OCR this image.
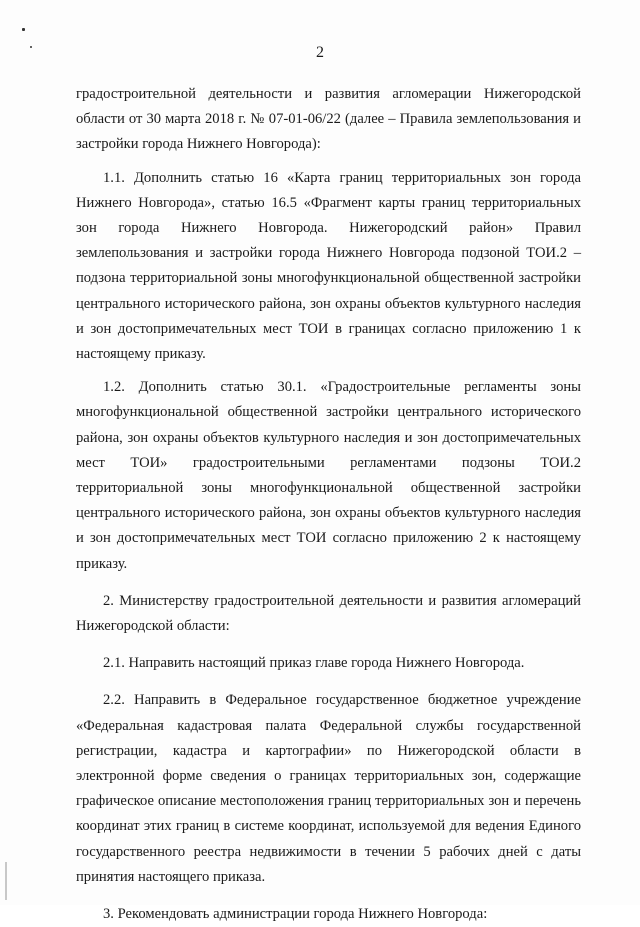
2

градостроительной деятельности и развития агломерации Нижегородской области от 30 марта 2018 г. № 07-01-06/22 (далее – Правила землепользования и застройки города Нижнего Новгорода):

1.1. Дополнить статью 16 «Карта границ территориальных зон города Нижнего Новгорода», статью 16.5 «Фрагмент карты границ территориальных зон города Нижнего Новгорода. Нижегородский район» Правил землепользования и застройки города Нижнего Новгорода подзоной ТОИ.2 – подзона территориальной зоны многофункциональной общественной застройки центрального исторического района, зон охраны объектов культурного наследия и зон достопримечательных мест ТОИ в границах согласно приложению 1 к настоящему приказу.

1.2. Дополнить статью 30.1. «Градостроительные регламенты зоны многофункциональной общественной застройки центрального исторического района, зон охраны объектов культурного наследия и зон достопримечательных мест ТОИ» градостроительными регламентами подзоны ТОИ.2 территориальной зоны многофункциональной общественной застройки центрального исторического района, зон охраны объектов культурного наследия и зон достопримечательных мест ТОИ согласно приложению 2 к настоящему приказу.

2. Министерству градостроительной деятельности и развития агломераций Нижегородской области:

2.1. Направить настоящий приказ главе города Нижнего Новгорода.

2.2. Направить в Федеральное государственное бюджетное учреждение «Федеральная кадастровая палата Федеральной службы государственной регистрации, кадастра и картографии» по Нижегородской области в электронной форме сведения о границах территориальных зон, содержащие графическое описание местоположения границ территориальных зон и перечень координат этих границ в системе координат, используемой для ведения Единого государственного реестра недвижимости в течении 5 рабочих дней с даты принятия настоящего приказа.

3. Рекомендовать администрации города Нижнего Новгорода:
